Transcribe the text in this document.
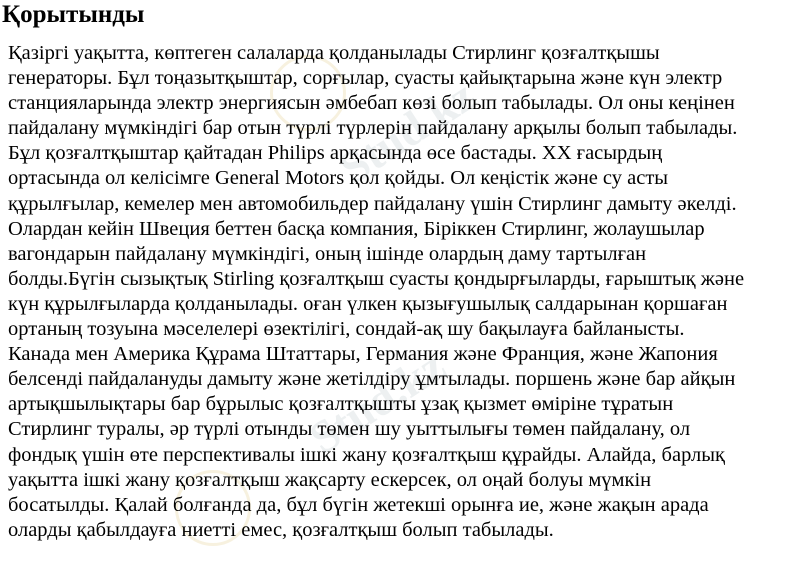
Stud.kz
Stud.kz
Қорытынды

Қазіргі уақытта, көптеген салаларда қолданылады Стирлинг қозғалтқышы
генераторы. Бұл тоңазытқыштар, сорғылар, суасты қайықтарына және күн электр
станцияларында электр энергиясын әмбебап көзі болып табылады. Ол оны кеңінен
пайдалану мүмкіндігі бар отын түрлі түрлерін пайдалану арқылы болып табылады.
Бұл қозғалтқыштар қайтадан Philips арқасында өсе бастады. XX ғасырдың
ортасында ол келісімге General Motors қол қойды. Ол кеңістік және су асты
құрылғылар, кемелер мен автомобильдер пайдалану үшін Стирлинг дамыту әкелді.
Олардан кейін Швеция беттен басқа компания, Біріккен Стирлинг, жолаушылар
вагондарын пайдалану мүмкіндігі, оның ішінде олардың даму тартылған
болды.Бүгін сызықтық Stirling қозғалтқыш суасты қондырғыларды, ғарыштық және
күн құрылғыларда қолданылады. оған үлкен қызығушылық салдарынан қоршаған
ортаның тозуына мәселелері өзектілігі, сондай-ақ шу бақылауға байланысты.
Канада мен Америка Құрама Штаттары, Германия және Франция, және Жапония
белсенді пайдалануды дамыту және жетілдіру ұмтылады. поршень және бар айқын
артықшылықтары бар бұрылыс қозғалтқышты ұзақ қызмет өміріне тұратын
Стирлинг туралы, әр түрлі отынды төмен шу уыттылығы төмен пайдалану, ол
фондық үшін өте перспективалы ішкі жану қозғалтқыш құрайды. Алайда, барлық
уақытта ішкі жану қозғалтқыш жақсарту ескерсек, ол оңай болуы мүмкін
босатылды. Қалай болғанда да, бұл бүгін жетекші орынға ие, және жақын арада
оларды қабылдауға ниетті емес, қозғалтқыш болып табылады.
